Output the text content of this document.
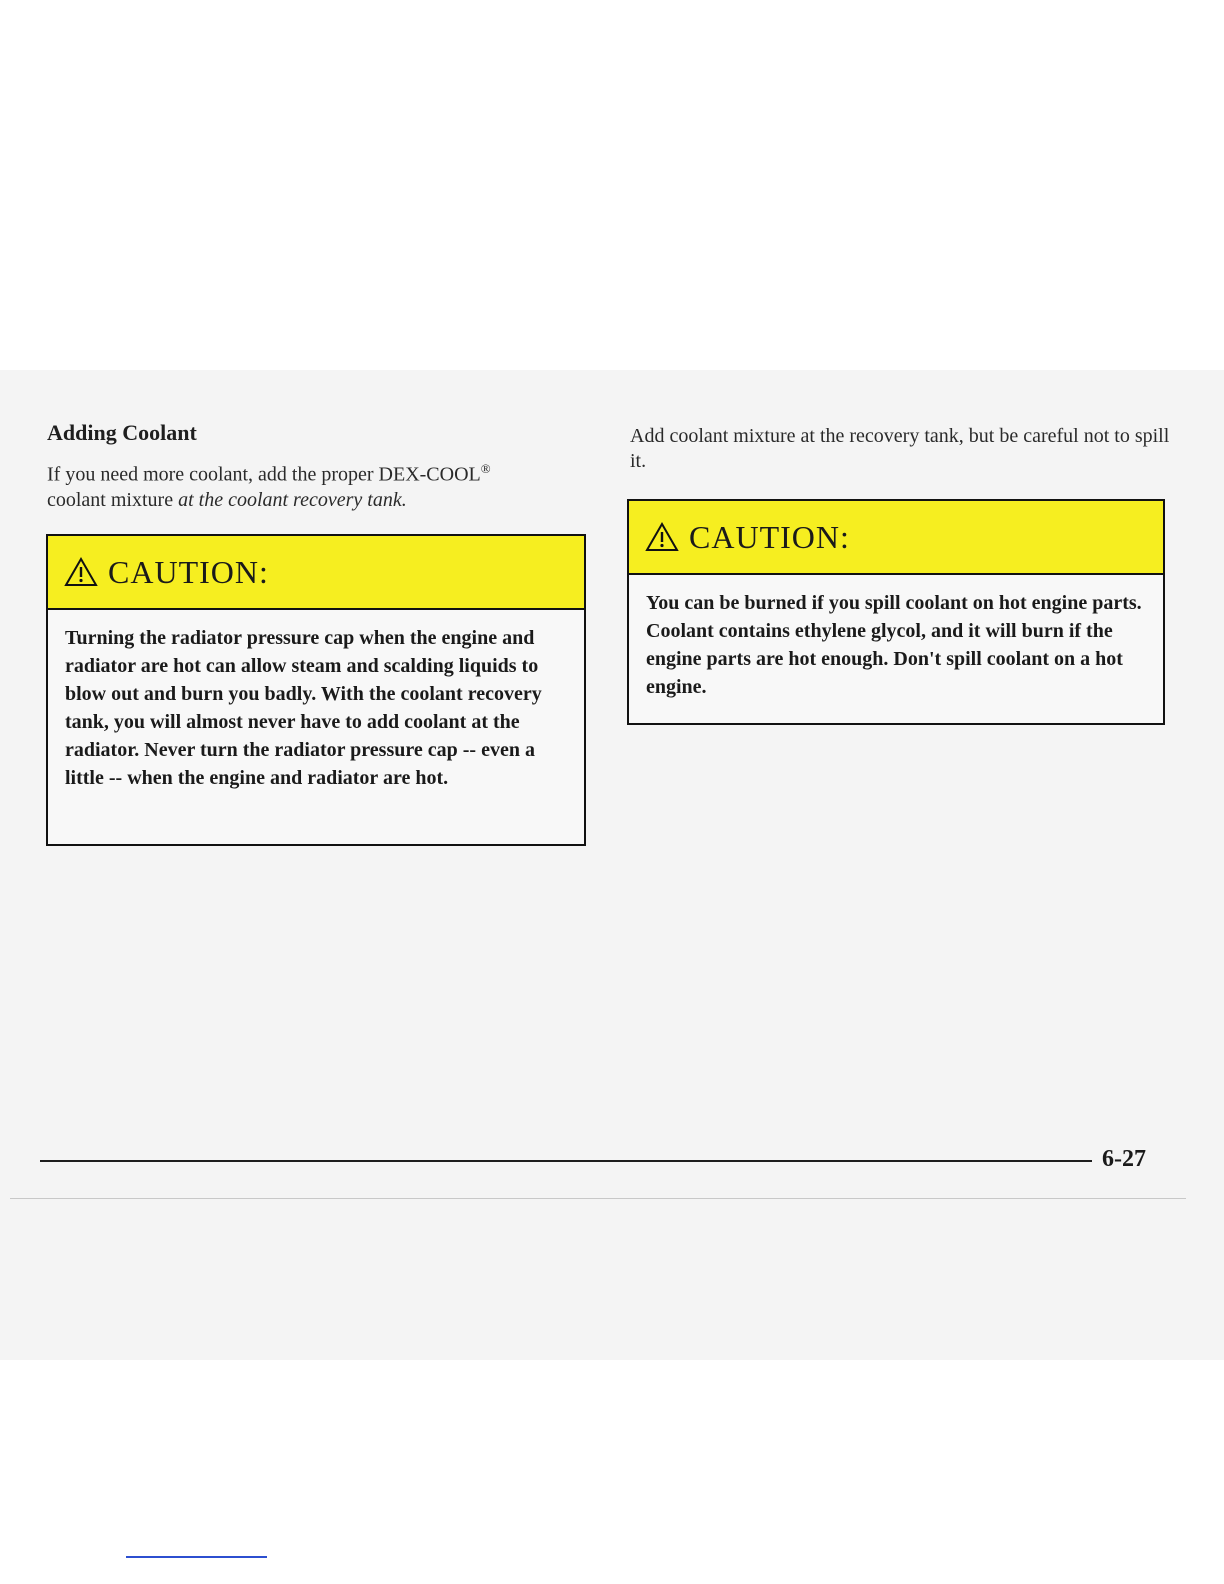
Adding Coolant

If you need more coolant, add the proper DEX-COOL®
coolant mixture at the coolant recovery tank.

CAUTION:

Turning the radiator pressure cap when the engine and radiator are hot can allow steam and scalding liquids to blow out and burn you badly. With the coolant recovery tank, you will almost never have to add coolant at the radiator. Never turn the radiator pressure cap -- even a little -- when the engine and radiator are hot.

Add coolant mixture at the recovery tank, but be careful not to spill it.

CAUTION:

You can be burned if you spill coolant on hot engine parts. Coolant contains ethylene glycol, and it will burn if the engine parts are hot enough. Don't spill coolant on a hot engine.

6-27
